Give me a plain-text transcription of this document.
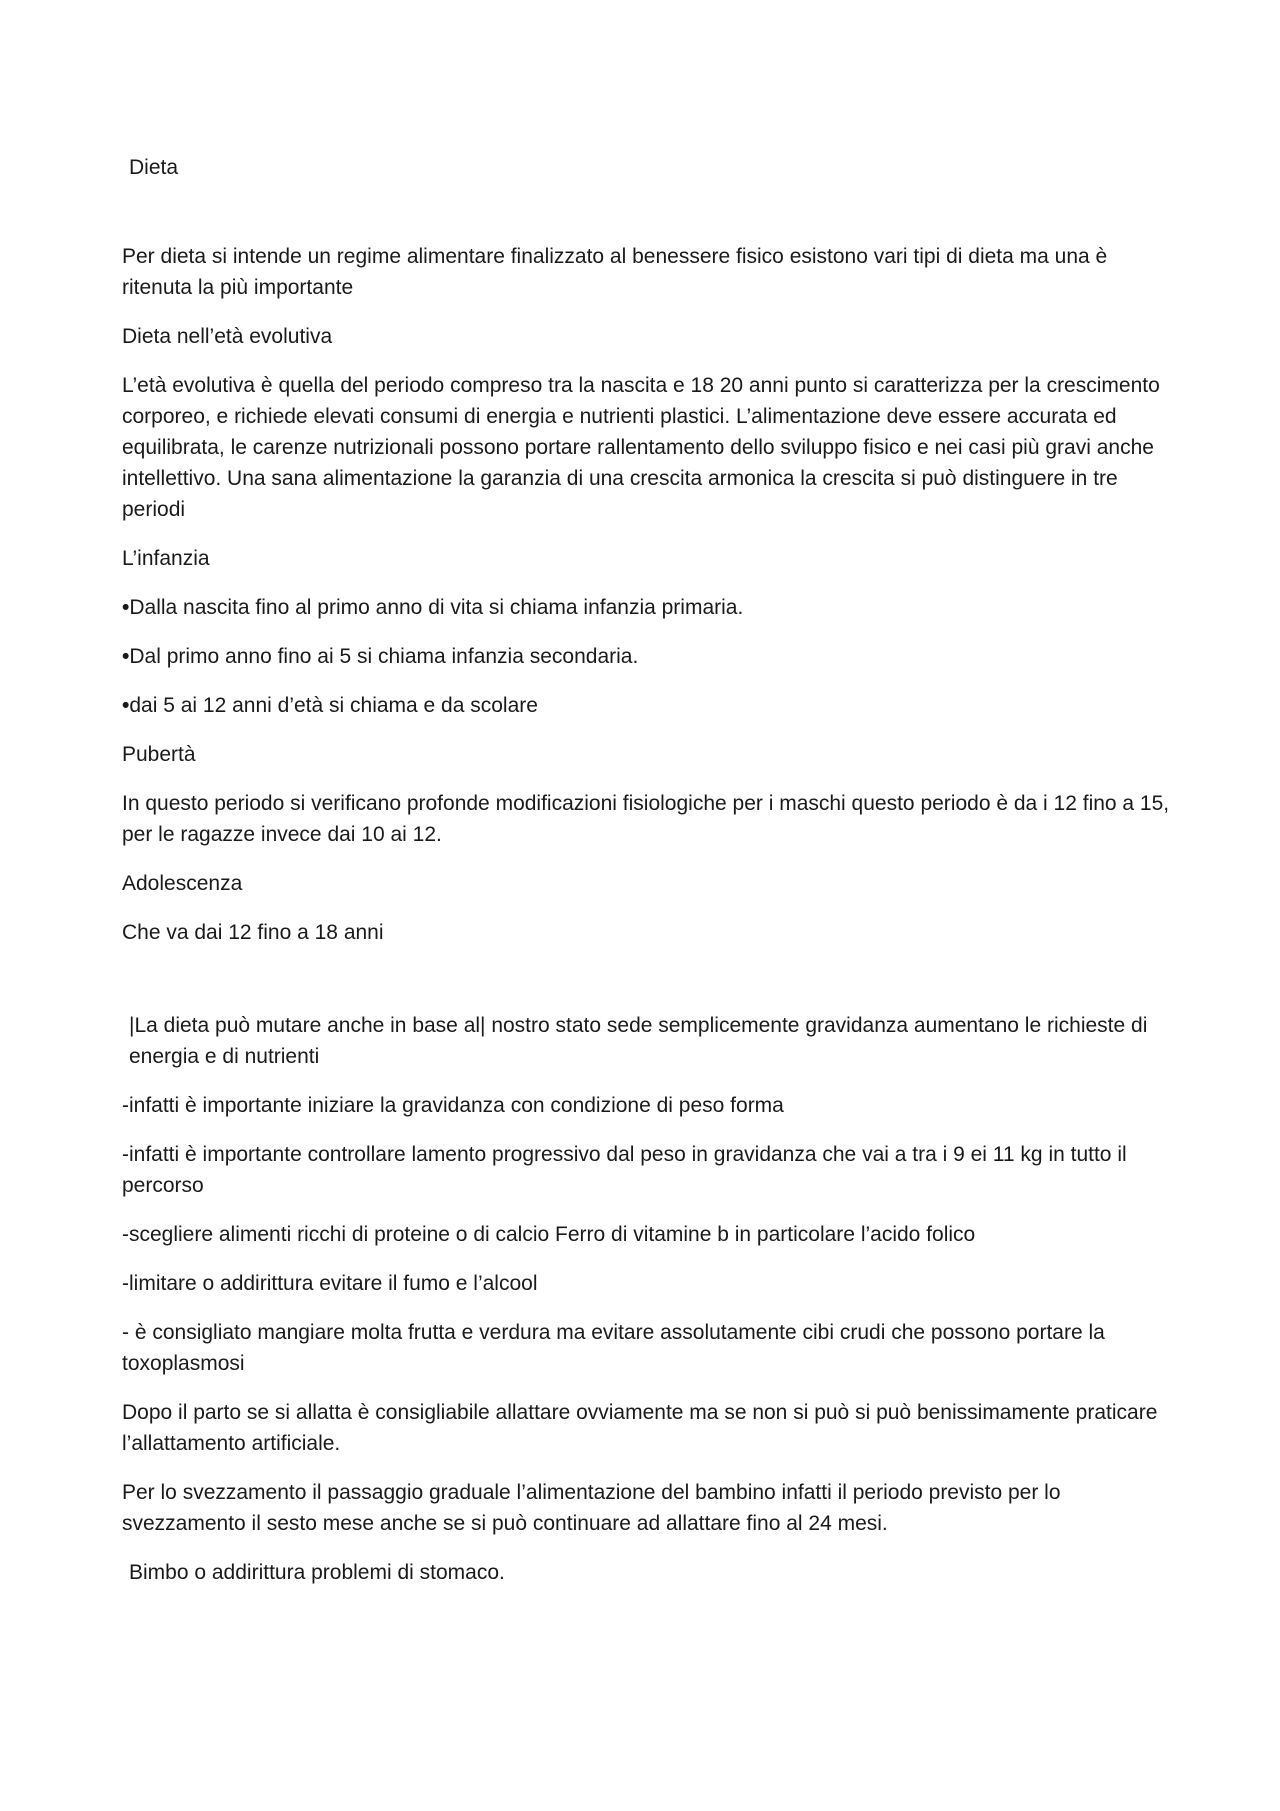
Dieta

Per dieta si intende un regime alimentare finalizzato al benessere fisico esistono vari tipi di dieta ma una è ritenuta la più importante

Dieta nell’età evolutiva

L’età evolutiva è quella del periodo compreso tra la nascita e 18 20 anni punto si caratterizza per la crescimento corporeo, e richiede elevati consumi di energia e nutrienti plastici. L’alimentazione deve essere accurata ed equilibrata, le carenze nutrizionali possono portare rallentamento dello sviluppo fisico e nei casi più gravi anche intellettivo. Una sana alimentazione la garanzia di una crescita armonica la crescita si può distinguere in tre periodi

L’infanzia

•Dalla nascita fino al primo anno di vita si chiama infanzia primaria.

•Dal primo anno fino ai 5 si chiama infanzia secondaria.

•dai 5 ai 12 anni d’età si chiama e da scolare

Pubertà

In questo periodo si verificano profonde modificazioni fisiologiche per i maschi questo periodo è da i 12 fino a 15, per le ragazze invece dai 10 ai 12.

Adolescenza

Che va dai 12 fino a 18 anni

|La dieta può mutare anche in base al| nostro stato sede semplicemente gravidanza aumentano le richieste di energia e di nutrienti

-infatti è importante iniziare la gravidanza con condizione di peso forma

-infatti è importante controllare lamento progressivo dal peso in gravidanza che vai a tra i 9 ei 11 kg in tutto il percorso

-scegliere alimenti ricchi di proteine o di calcio Ferro di vitamine b in particolare l’acido folico

-limitare o addirittura evitare il fumo e l’alcool

- è consigliato mangiare molta frutta e verdura ma evitare assolutamente cibi crudi che possono portare la toxoplasmosi

Dopo il parto se si allatta è consigliabile allattare ovviamente ma se non si può si può benissimamente praticare l’allattamento artificiale.

Per lo svezzamento il passaggio graduale l’alimentazione del bambino infatti il periodo previsto per lo svezzamento il sesto mese anche se si può continuare ad allattare fino al 24 mesi.

Bimbo o addirittura problemi di stomaco.
